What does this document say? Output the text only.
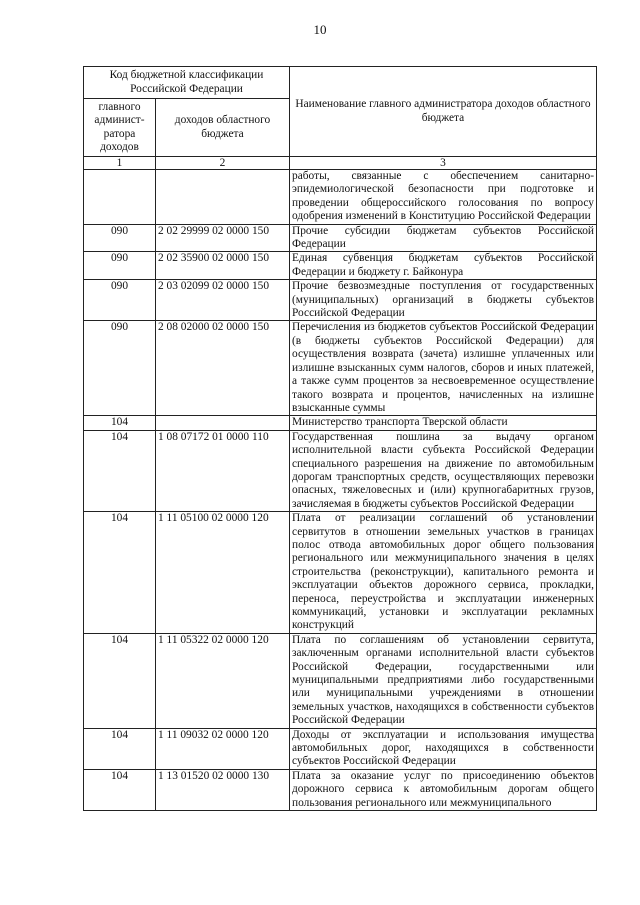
10
Код бюджетной классификации Российской Федерации		Наименование главного администратора доходов областного бюджета
главного админист-ратора доходов	доходов областного бюджета	
1	2	3
		работы, связанные с обеспечением санитарно-эпидемиологической безопасности при подготовке и проведении общероссийского голосования по вопросу одобрения изменений в Конституцию Российской Федерации
090	2 02 29999 02 0000 150	Прочие субсидии бюджетам субъектов Российской Федерации
090	2 02 35900 02 0000 150	Единая субвенция бюджетам субъектов Российской Федерации и бюджету г. Байконура
090	2 03 02099 02 0000 150	Прочие безвозмездные поступления от государственных (муниципальных) организаций в бюджеты субъектов Российской Федерации
090	2 08 02000 02 0000 150	Перечисления из бюджетов субъектов Российской Федерации (в бюджеты субъектов Российской Федерации) для осуществления возврата (зачета) излишне уплаченных или излишне взысканных сумм налогов, сборов и иных платежей, а также сумм процентов за несвоевременное осуществление такого возврата и процентов, начисленных на излишне взысканные суммы
104		Министерство транспорта Тверской области
104	1 08 07172 01 0000 110	Государственная пошлина за выдачу органом исполнительной власти субъекта Российской Федерации специального разрешения на движение по автомобильным дорогам транспортных средств, осуществляющих перевозки опасных, тяжеловесных и (или) крупногабаритных грузов, зачисляемая в бюджеты субъектов Российской Федерации
104	1 11 05100 02 0000 120	Плата от реализации соглашений об установлении сервитутов в отношении земельных участков в границах полос отвода автомобильных дорог общего пользования регионального или межмуниципального значения в целях строительства (реконструкции), капитального ремонта и эксплуатации объектов дорожного сервиса, прокладки, переноса, переустройства и эксплуатации инженерных коммуникаций, установки и эксплуатации рекламных конструкций
104	1 11 05322 02 0000 120	Плата по соглашениям об установлении сервитута, заключенным органами исполнительной власти субъектов Российской Федерации, государственными или муниципальными предприятиями либо государственными или муниципальными учреждениями в отношении земельных участков, находящихся в собственности субъектов Российской Федерации
104	1 11 09032 02 0000 120	Доходы от эксплуатации и использования имущества автомобильных дорог, находящихся в собственности субъектов Российской Федерации
104	1 13 01520 02 0000 130	Плата за оказание услуг по присоединению объектов дорожного сервиса к автомобильным дорогам общего пользования регионального или межмуниципального
